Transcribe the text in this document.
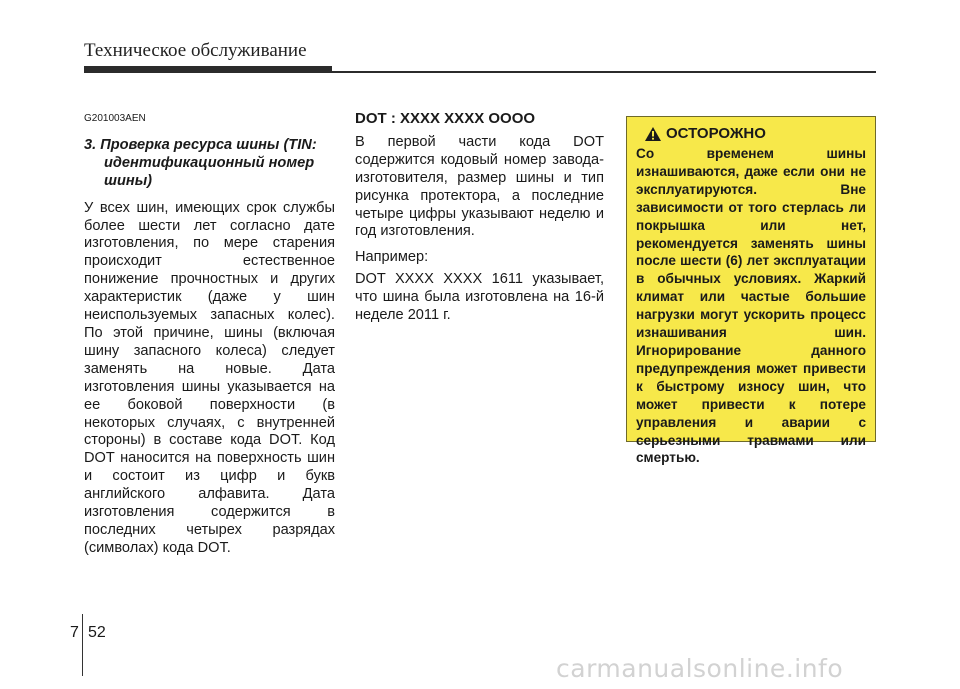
Техническое обслуживание
G201003AEN
3. Проверка ресурса шины (TIN: идентификационный номер шины)

У всех шин, имеющих срок службы более шести лет согласно дате изготовления, по мере старения происходит естественное понижение прочностных и других характеристик (даже у шин неиспользуемых запасных колес). По этой причине, шины (включая шину запасного колеса) следует заменять на новые. Дата изготовления шины указывается на ее боковой поверхности (в некоторых случаях, с внутренней стороны) в составе кода DOT. Код DOT наносится на поверхность шин и состоит из цифр и букв английского алфавита. Дата изготовления содержится в последних четырех разрядах (символах) кода DOT.

DOT : XXXX XXXX OOOO

В первой части кода DOT содержится кодовый номер завода-изготовителя, размер шины и тип рисунка протектора, а последние четыре цифры указывают неделю и год изготовления.

Например:

DOT XXXX XXXX 1611 указывает, что шина была изготовлена на 16-й неделе 2011 г.

ОСТОРОЖНО
Со временем шины изнашиваются, даже если они не эксплуатируются. Вне зависимости от того стерлась ли покрышка или нет, рекомендуется заменять шины после шести (6) лет эксплуатации в обычных условиях. Жаркий климат или частые большие нагрузки могут ускорить процесс изнашивания шин. Игнорирование данного предупреждения может привести к быстрому износу шин, что может привести к потере управления и аварии с серьезными травмами или смертью.
7 52
carmanualsonline.info
